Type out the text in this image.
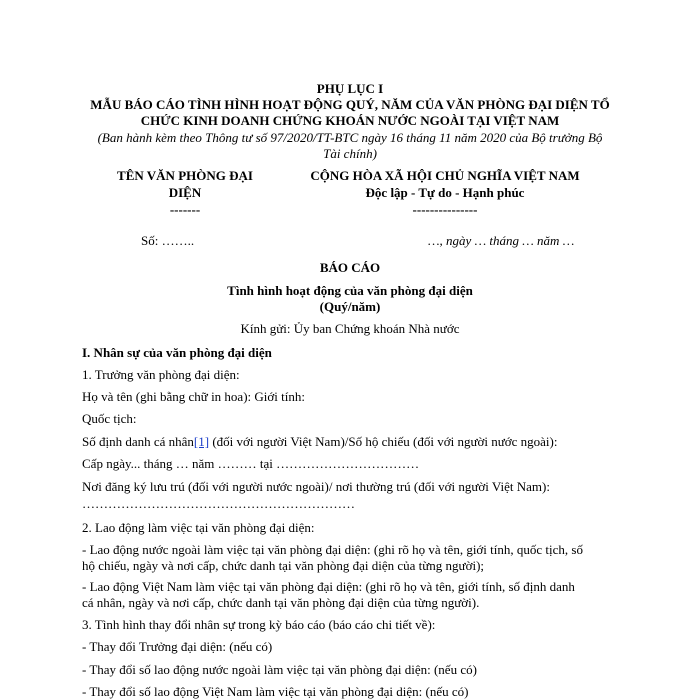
PHỤ LỤC I
MẪU BÁO CÁO TÌNH HÌNH HOẠT ĐỘNG QUÝ, NĂM CỦA VĂN PHÒNG ĐẠI DIỆN TỔ
CHỨC KINH DOANH CHỨNG KHOÁN NƯỚC NGOÀI TẠI VIỆT NAM
(Ban hành kèm theo Thông tư số 97/2020/TT-BTC ngày 16 tháng 11 năm 2020 của Bộ trưởng Bộ
Tài chính)
TÊN VĂN PHÒNG ĐẠI
DIỆN
-------
CỘNG HÒA XÃ HỘI CHỦ NGHĨA VIỆT NAM
Độc lập - Tự do - Hạnh phúc
---------------
Số: ……..	…, ngày … tháng … năm …
BÁO CÁO
Tình hình hoạt động của văn phòng đại diện
(Quý/năm)
Kính gửi: Ủy ban Chứng khoán Nhà nước
I. Nhân sự của văn phòng đại diện
1. Trưởng văn phòng đại diện:
Họ và tên (ghi bằng chữ in hoa): Giới tính:
Quốc tịch:
Số định danh cá nhân[1] (đối với người Việt Nam)/Số hộ chiếu (đối với người nước ngoài):
Cấp ngày... tháng … năm ……… tại ……………………………
Nơi đăng ký lưu trú (đối với người nước ngoài)/ nơi thường trú (đối với người Việt Nam):
………………………………………………………
2. Lao động làm việc tại văn phòng đại diện:
- Lao động nước ngoài làm việc tại văn phòng đại diện: (ghi rõ họ và tên, giới tính, quốc tịch, số
hộ chiếu, ngày và nơi cấp, chức danh tại văn phòng đại diện của từng người);
- Lao động Việt Nam làm việc tại văn phòng đại diện: (ghi rõ họ và tên, giới tính, số định danh
cá nhân, ngày và nơi cấp, chức danh tại văn phòng đại diện của từng người).
3. Tình hình thay đổi nhân sự trong kỳ báo cáo (báo cáo chi tiết về):
- Thay đổi Trưởng đại diện: (nếu có)
- Thay đổi số lao động nước ngoài làm việc tại văn phòng đại diện: (nếu có)
- Thay đổi số lao động Việt Nam làm việc tại văn phòng đại diện: (nếu có)
